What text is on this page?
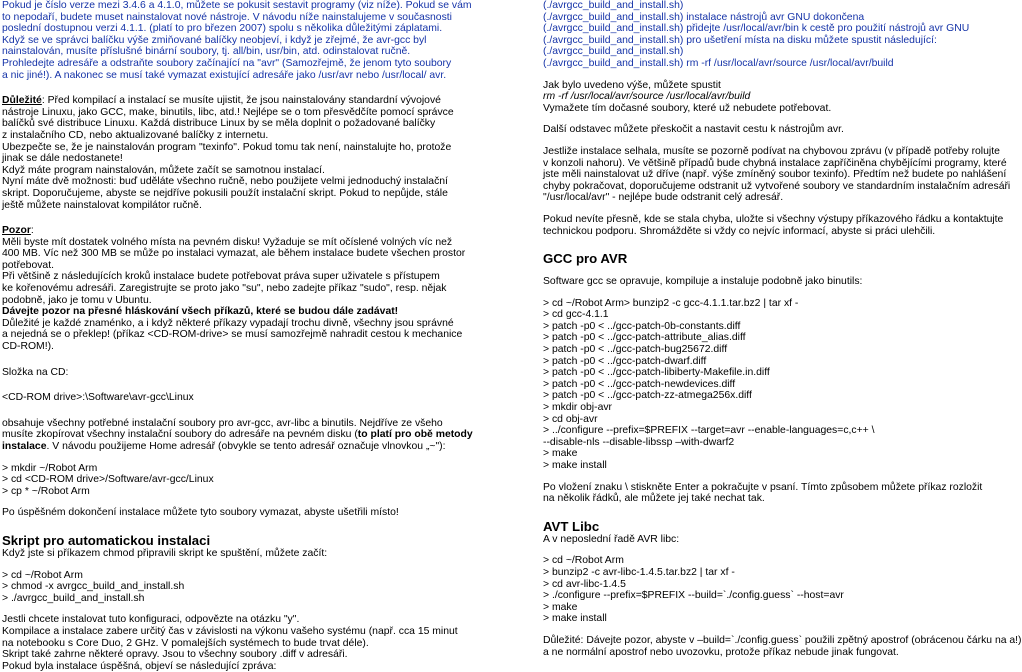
Pokud je číslo verze mezi 3.4.6 a 4.1.0, můžete se pokusit sestavit programy (viz níže). Pokud se vám
to nepodaří, budete muset nainstalovat nové nástroje. V návodu níže nainstalujeme v současnosti
poslední dostupnou verzi 4.1.1. (platí to pro březen 2007) spolu s několika důležitými záplatami.
Když se ve správci balíčku výše zmiňované balíčky neobjeví, i když je zřejmé, že avr-gcc byl
nainstalován, musíte příslušné binární soubory, tj. all/bin, usr/bin, atd. odinstalovat ručně.
Prohledejte adresáře a odstraňte soubory začínající na "avr" (Samozřejmě, že jenom tyto soubory
a nic jiné!). A nakonec se musí také vymazat existující adresáře jako /usr/avr nebo /usr/local/ avr.
Důležité: Před kompilací a instalací se musíte ujistit, že jsou nainstalovány standardní vývojové
nástroje Linuxu, jako GCC, make, binutils, libc, atd.! Nejlépe se o tom přesvědčíte pomocí správce
balíčků své distribuce Linuxu. Každá distribuce Linux by se měla doplnit o požadované balíčky
z instalačního CD, nebo aktualizované balíčky z internetu.
Ubezpečte se, že je nainstalován program "texinfo". Pokud tomu tak není, nainstalujte ho, protože
jinak se dále nedostanete!
Když máte program nainstalován, můžete začít se samotnou instalací.
Nyní máte dvě možnosti: buď uděláte všechno ručně, nebo použijete velmi jednoduchý instalační
skript. Doporučujeme, abyste se nejdříve pokusili použít instalační skript. Pokud to nepůjde, stále
ještě můžete nainstalovat kompilátor ručně.
Pozor:
Měli byste mít dostatek volného místa na pevném disku! Vyžaduje se mít očíslené volných víc než
400 MB. Víc než 300 MB se může po instalaci vymazat, ale během instalace budete všechen prostor
potřebovat.
Při většině z následujících kroků instalace budete potřebovat práva super uživatele s přístupem
ke kořenovému adresáři. Zaregistrujte se proto jako "su", nebo zadejte příkaz "sudo", resp. nějak
podobně, jako je tomu v Ubuntu.
Dávejte pozor na přesné hláskování všech příkazů, které se budou dále zadávat!
Důležité je každé znaménko, a i když některé příkazy vypadají trochu divně, všechny jsou správné
a nejedná se o překlep! (příkaz <CD-ROM-drive> se musí samozřejmě nahradit cestou k mechanice
CD-ROM!).
Složka na CD:
<CD-ROM drive>:\Software\avr-gcc\Linux
obsahuje všechny potřebné instalační soubory pro avr-gcc, avr-libc a binutils. Nejdříve ze všeho
musíte zkopírovat všechny instalační soubory do adresáře na pevném disku (to platí pro obě metody
instalace. V návodu použijeme Home adresář (obvykle se tento adresář označuje vlnovkou „~"):
> mkdir ~/Robot Arm
> cd <CD-ROM drive>/Software/avr-gcc/Linux
> cp * ~/Robot Arm
Po úspěšném dokončení instalace můžete tyto soubory vymazat, abyste ušetřili místo!
Skript pro automatickou instalaci
Když jste si příkazem chmod připravili skript ke spuštění, můžete začít:
> cd ~/Robot Arm
> chmod -x avrgcc_build_and_install.sh
> ./avrgcc_build_and_install.sh
Jestli chcete instalovat tuto konfiguraci, odpovězte na otázku "y".
Kompilace a instalace zabere určitý čas v závislosti na výkonu vašeho systému (např. cca 15 minut
na notebooku s Core Duo, 2 GHz. V pomalejších systémech to bude trvat déle).
Skript také zahrne některé opravy. Jsou to všechny soubory .diff v adresáři.
Pokud byla instalace úspěšná, objeví se následující zpráva:
(./avrgcc_build_and_install.sh)
(./avrgcc_build_and_install.sh) instalace nástrojů avr GNU dokončena
(./avrgcc_build_and_install.sh) přidejte /usr/local/avr/bin k cestě pro použití nástrojů avr GNU
(./avrgcc_build_and_install.sh) pro ušetření místa na disku můžete spustit následující:
(./avrgcc_build_and_install.sh)
(./avrgcc_build_and_install.sh) rm -rf /usr/local/avr/source /usr/local/avr/build
Jak bylo uvedeno výše, můžete spustit
rm -rf /usr/local/avr/source /usr/local/avr/build
Vymažete tím dočasné soubory, které už nebudete potřebovat.
Další odstavec můžete přeskočit a nastavit cestu k nástrojům avr.
Jestliže instalace selhala, musíte se pozorně podívat na chybovou zprávu (v případě potřeby rolujte
v konzoli nahoru). Ve většině případů bude chybná instalace zapříčiněna chybějícími programy, které
jste měli nainstalovat už dříve (např. výše zmíněný soubor texinfo). Předtím než budete po nahlášení
chyby pokračovat, doporučujeme odstranit už vytvořené soubory ve standardním instalačním adresáři
"/usr/local/avr" - nejlépe bude odstranit celý adresář.
Pokud nevíte přesně, kde se stala chyba, uložte si všechny výstupy příkazového řádku a kontaktujte
technickou podporu. Shromážděte si vždy co nejvíc informací, abyste si práci ulehčili.
GCC pro AVR
Software gcc se opravuje, kompiluje a instaluje podobně jako binutils:
> cd ~/Robot Arm> bunzip2 -c gcc-4.1.1.tar.bz2 | tar xf -
> cd gcc-4.1.1
> patch -p0 < ../gcc-patch-0b-constants.diff
> patch -p0 < ../gcc-patch-attribute_alias.diff
> patch -p0 < ../gcc-patch-bug25672.diff
> patch -p0 < ../gcc-patch-dwarf.diff
> patch -p0 < ../gcc-patch-libiberty-Makefile.in.diff
> patch -p0 < ../gcc-patch-newdevices.diff
> patch -p0 < ../gcc-patch-zz-atmega256x.diff
> mkdir obj-avr
> cd obj-avr
> ../configure --prefix=$PREFIX --target=avr --enable-languages=c,c++ \
--disable-nls --disable-libssp –with-dwarf2
> make
> make install
Po vložení znaku \ stiskněte Enter a pokračujte v psaní. Tímto způsobem můžete příkaz rozložit
na několik řádků, ale můžete jej také nechat tak.
AVT Libc
A v neposlední řadě AVR libc:
> cd ~/Robot Arm
> bunzip2 -c avr-libc-1.4.5.tar.bz2 | tar xf -
> cd avr-libc-1.4.5
> ./configure --prefix=$PREFIX --build=`./config.guess` --host=avr
> make
> make install
Důležité: Dávejte pozor, abyste v –build=`./config.guess` použili zpětný apostrof (obrácenou čárku na a!)
a ne normální apostrof nebo uvozovku, protože příkaz nebude jinak fungovat.
